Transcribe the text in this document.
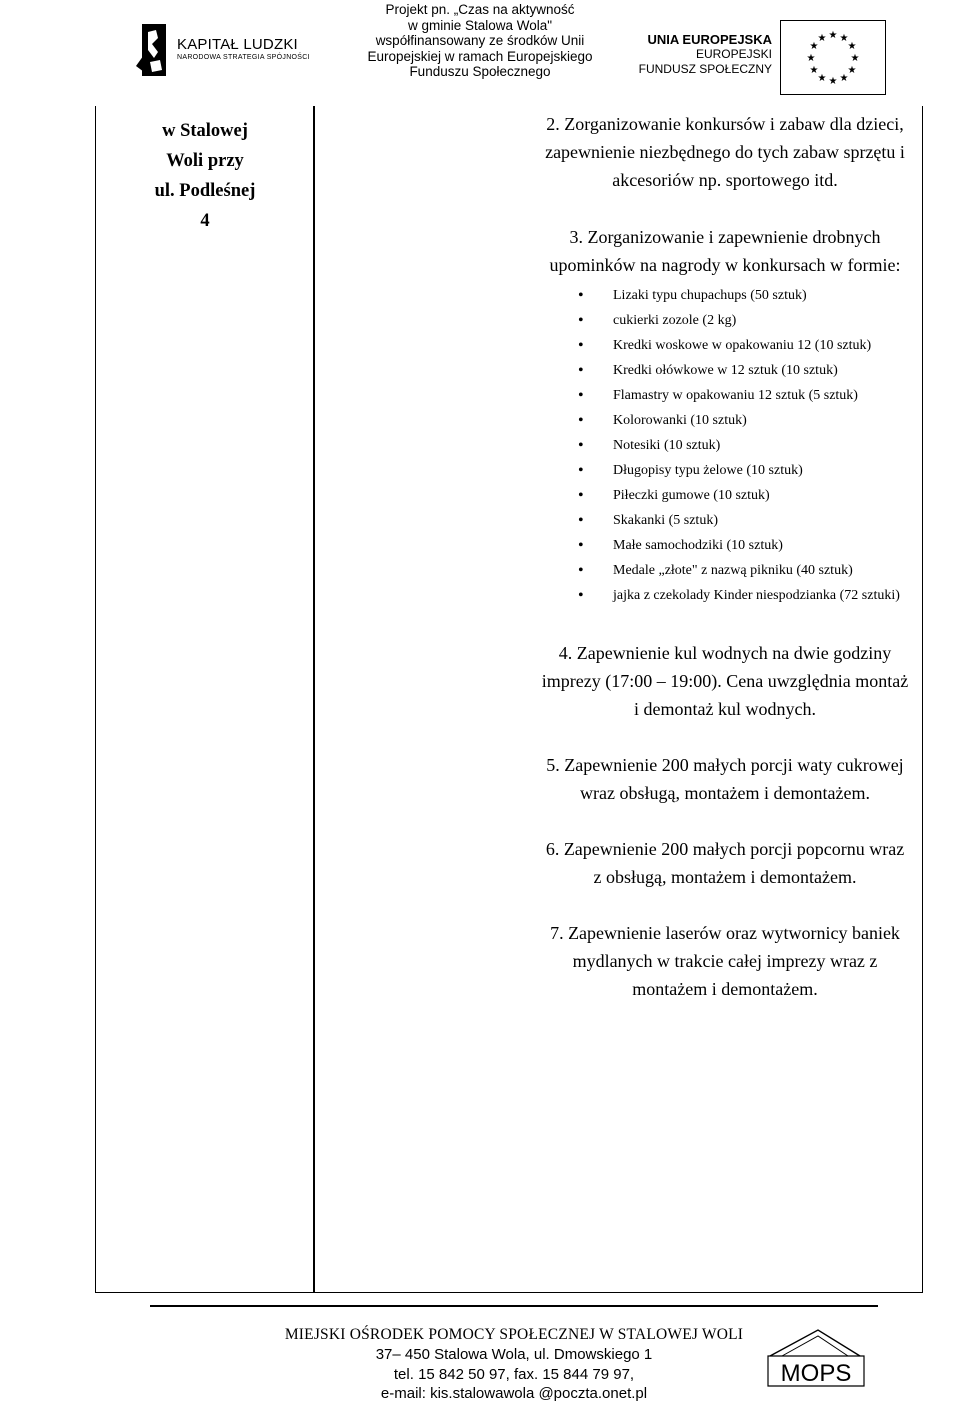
KAPITAŁ LUDZKI
NARODOWA STRATEGIA SPÓJNOŚCI
Projekt pn. „Czas na aktywność
w gminie Stalowa Wola"
współfinansowany ze środków Unii
Europejskiej w ramach Europejskiego
Funduszu Społecznego
UNIA EUROPEJSKA
EUROPEJSKI
FUNDUSZ SPOŁECZNY
★ ★
★
★
★
★
★
★
★
★
★
★
w Stalowej
Woli przy
ul. Podleśnej
4

2. Zorganizowanie konkursów i zabaw dla dzieci, zapewnienie niezbędnego do tych zabaw sprzętu i akcesoriów np. sportowego itd.

3. Zorganizowanie i zapewnienie drobnych upominków na nagrody w konkursach w formie:

• Lizaki typu chupachups (50 sztuk)
• cukierki zozole (2 kg)
• Kredki woskowe w opakowaniu 12 (10 sztuk)
• Kredki ołówkowe w 12 sztuk (10 sztuk)
• Flamastry w opakowaniu 12 sztuk (5 sztuk)
• Kolorowanki (10 sztuk)
• Notesiki (10 sztuk)
• Długopisy typu żelowe (10 sztuk)
• Piłeczki gumowe (10 sztuk)
• Skakanki (5 sztuk)
• Małe samochodziki (10 sztuk)
• Medale „złote" z nazwą pikniku (40 sztuk)
• jajka z czekolady Kinder niespodzianka (72 sztuki)

4. Zapewnienie kul wodnych na dwie godziny imprezy (17:00 – 19:00). Cena uwzględnia montaż i demontaż kul wodnych.

5. Zapewnienie 200 małych porcji waty cukrowej wraz obsługą, montażem i demontażem.

6. Zapewnienie 200 małych porcji popcornu wraz z obsługą, montażem i demontażem.

7. Zapewnienie laserów oraz wytwornicy baniek mydlanych w trakcie całej imprezy wraz z montażem i demontażem.

MIEJSKI OŚRODEK POMOCY SPOŁECZNEJ W STALOWEJ WOLI
37– 450 Stalowa Wola, ul. Dmowskiego 1
tel. 15 842 50 97, fax. 15 844 79 97,
e-mail: kis.stalowawola @poczta.onet.pl
MOPS
